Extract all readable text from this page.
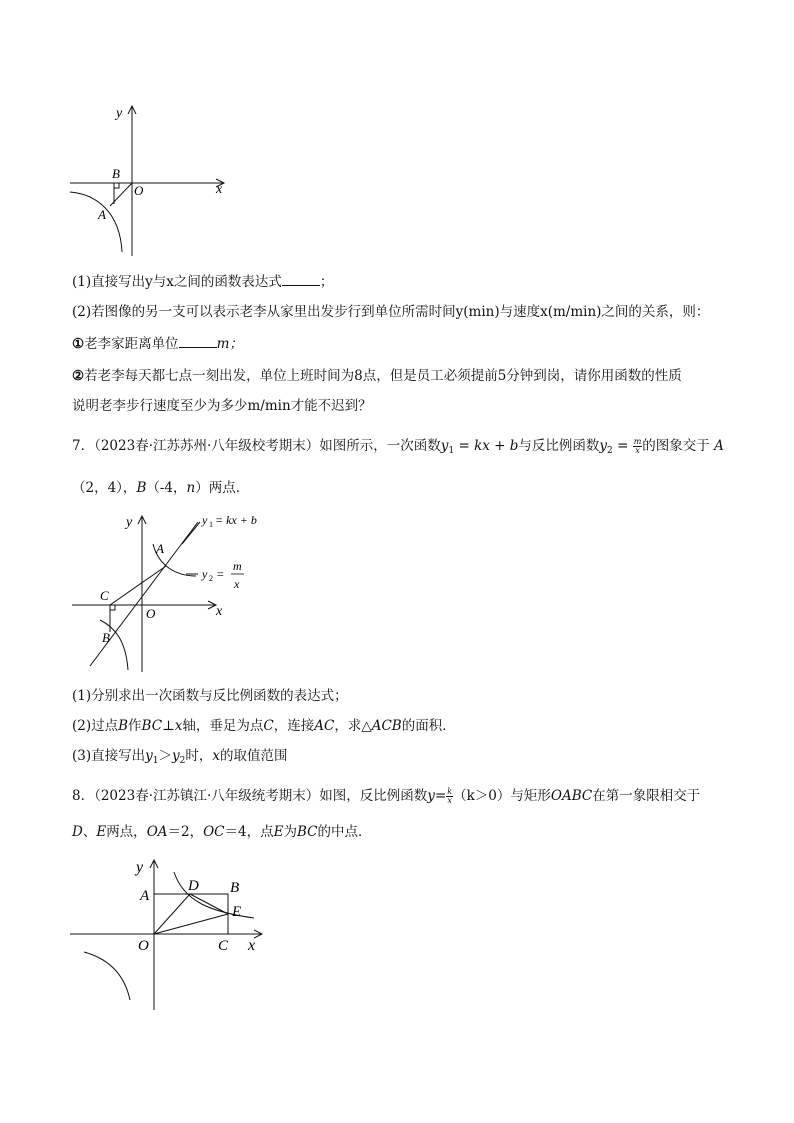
y
x
B
O
A
(1)直接写出y与x之间的函数表达式	；
(2)若图像的另一支可以表示老李从家里出发步行到单位所需时间y(min)与速度x(m/min)之间的关系，则：
①老李家距离单位	m；
②若老李每天都七点一刻出发，单位上班时间为8点，但是员工必须提前5分钟到岗，请你用函数的性质
说明老李步行速度至少为多少m/min才能不迟到？
7．（2023春·江苏苏州·八年级校考期末）如图所示，一次函数$y_1$ = kx + b与反比例函数$y_2 = \frac{m}{x}$ 的图象交于 A
（2，4），B（-4，n）两点．
y
x
A
C
O
B
y 1 = kx + b
y 2 =
m
x
(1)分别求出一次函数与反比例函数的表达式；
(2)过点B作BC⊥x轴，垂足为点C，连接AC，求△ACB的面积．
(3)直接写出$y_1>y_2$时，x的取值范围
8．（2023春·江苏镇江·八年级统考期末）如图，反比例函数$y= \frac{k}{x} (k>0)$与矩形OABC在第一象限相交于
D、E两点，OA＝2，OC＝4，点E为BC的中点．
y
x
A
D B
E
O	C
